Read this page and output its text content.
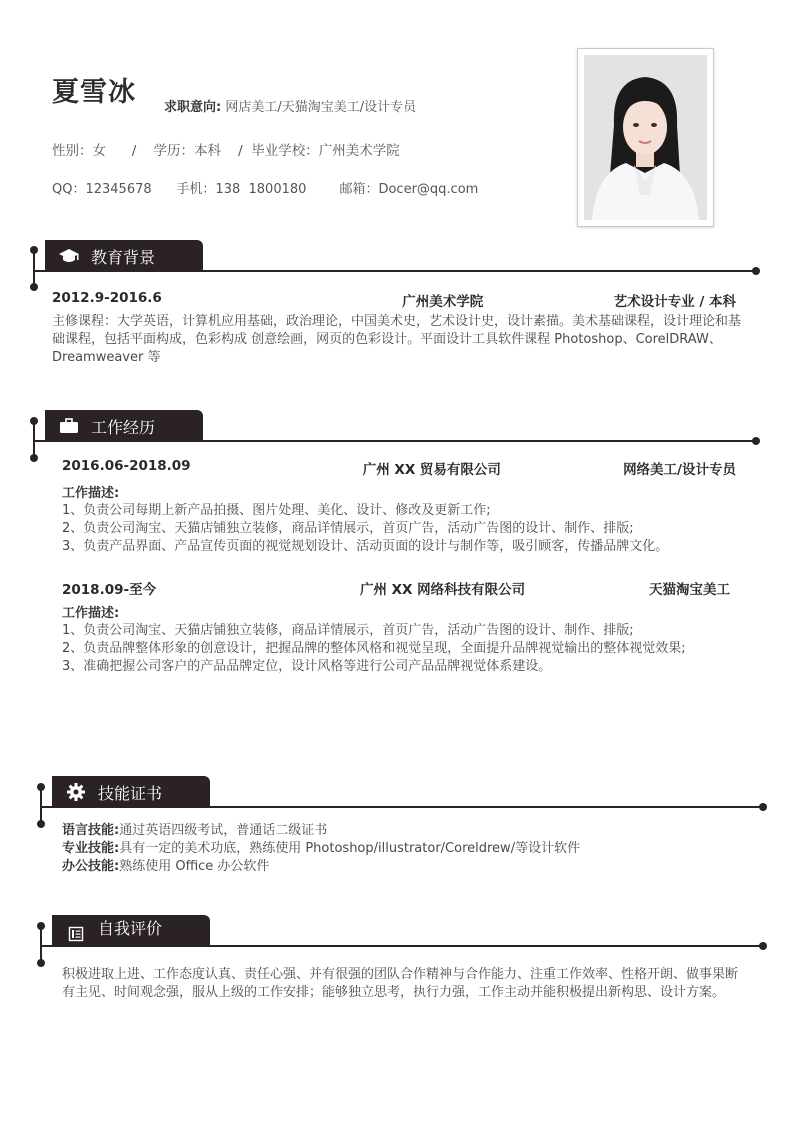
夏雪冰 求职意向: 网店美工/天猫淘宝美工/设计专员
性别：女      /    学历：本科    /  毕业学校：广州美术学院
QQ：12345678      手机：138  1800180        邮箱：Docer@qq.com
教育背景
2012.9-2016.6	广州美术学院	艺术设计专业 / 本科
主修课程：大学英语，计算机应用基础，政治理论，中国美术史，艺术设计史，设计素描。美术基础课程，设计理论和基础课程，包括平面构成，色彩构成 创意绘画，网页的色彩设计。平面设计工具软件课程 Photoshop、CorelDRAW、Dreamweaver 等
工作经历
2016.06-2018.09	广州 XX 贸易有限公司	网络美工/设计专员
工作描述:
1、负责公司每期上新产品拍摄、图片处理、美化、设计、修改及更新工作;
2、负责公司淘宝、天猫店铺独立装修，商品详情展示，首页广告，活动广告图的设计、制作、排版;
3、负责产品界面、产品宣传页面的视觉规划设计、活动页面的设计与制作等，吸引顾客，传播品牌文化。
2018.09-至今	广州 XX 网络科技有限公司	天猫淘宝美工
工作描述:
1、负责公司淘宝、天猫店铺独立装修，商品详情展示，首页广告，活动广告图的设计、制作、排版;
2、负责品牌整体形象的创意设计，把握品牌的整体风格和视觉呈现，全面提升品牌视觉输出的整体视觉效果;
3、准确把握公司客户的产品品牌定位，设计风格等进行公司产品品牌视觉体系建设。
技能证书
语言技能:通过英语四级考试，普通话二级证书
专业技能:具有一定的美术功底，熟练使用 Photoshop/illustrator/Coreldrew/等设计软件
办公技能:熟练使用 Office 办公软件
自我评价
积极进取上进、工作态度认真、责任心强、并有很强的团队合作精神与合作能力、注重工作效率、性格开朗、做事果断有主见、时间观念强，服从上级的工作安排；能够独立思考，执行力强，工作主动并能积极提出新构思、设计方案。
